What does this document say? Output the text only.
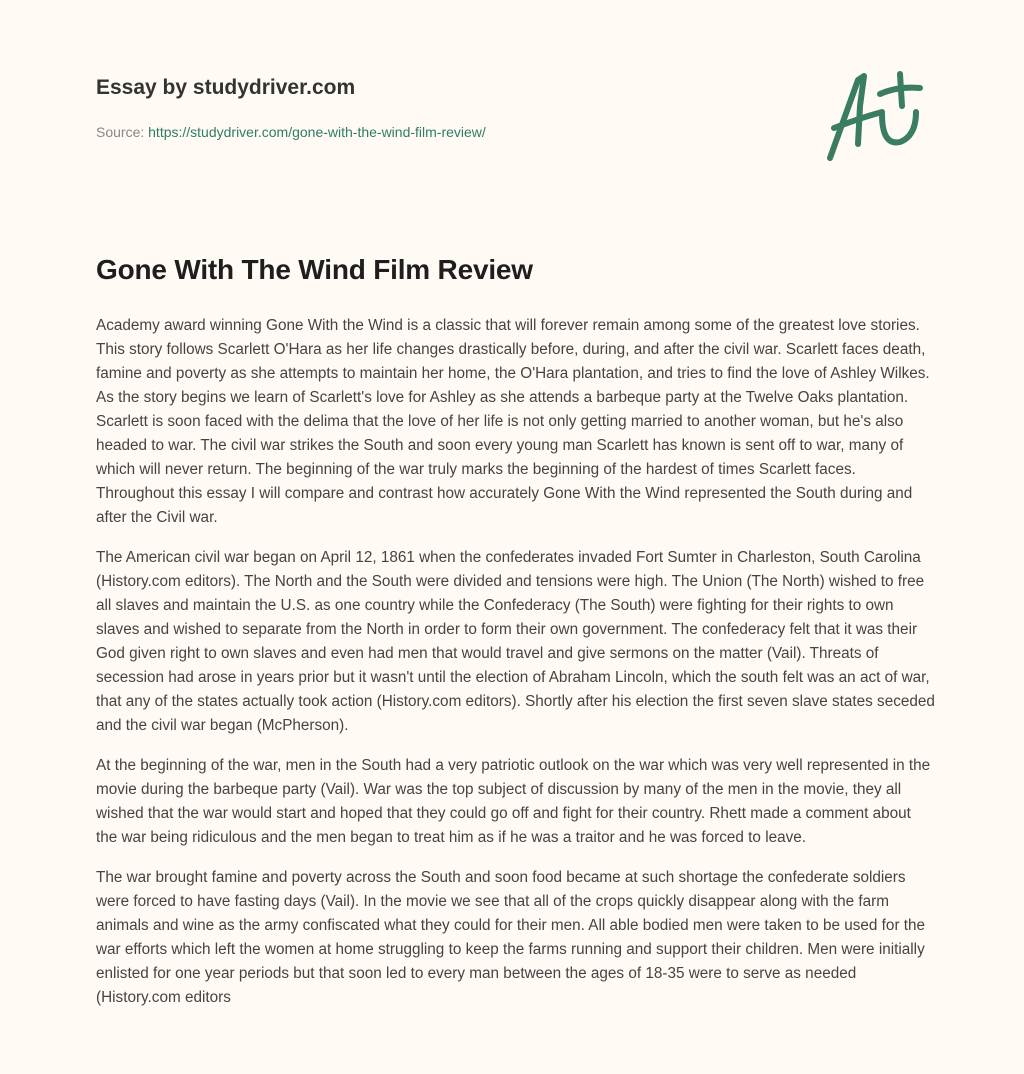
Essay by studydriver.com
Source: https://studydriver.com/gone-with-the-wind-film-review/
Gone With The Wind Film Review

Academy award winning Gone With the Wind is a classic that will forever remain among some of the greatest love stories. This story follows Scarlett O'Hara as her life changes drastically before, during, and after the civil war. Scarlett faces death, famine and poverty as she attempts to maintain her home, the O'Hara plantation, and tries to find the love of Ashley Wilkes. As the story begins we learn of Scarlett's love for Ashley as she attends a barbeque party at the Twelve Oaks plantation. Scarlett is soon faced with the delima that the love of her life is not only getting married to another woman, but he's also headed to war. The civil war strikes the South and soon every young man Scarlett has known is sent off to war, many of which will never return. The beginning of the war truly marks the beginning of the hardest of times Scarlett faces. Throughout this essay I will compare and contrast how accurately Gone With the Wind represented the South during and after the Civil war.

The American civil war began on April 12, 1861 when the confederates invaded Fort Sumter in Charleston, South Carolina (History.com editors). The North and the South were divided and tensions were high. The Union (The North) wished to free all slaves and maintain the U.S. as one country while the Confederacy (The South) were fighting for their rights to own slaves and wished to separate from the North in order to form their own government. The confederacy felt that it was their God given right to own slaves and even had men that would travel and give sermons on the matter (Vail). Threats of secession had arose in years prior but it wasn't until the election of Abraham Lincoln, which the south felt was an act of war, that any of the states actually took action (History.com editors). Shortly after his election the first seven slave states seceded and the civil war began (McPherson).

At the beginning of the war, men in the South had a very patriotic outlook on the war which was very well represented in the movie during the barbeque party (Vail). War was the top subject of discussion by many of the men in the movie, they all wished that the war would start and hoped that they could go off and fight for their country. Rhett made a comment about the war being ridiculous and the men began to treat him as if he was a traitor and he was forced to leave.

The war brought famine and poverty across the South and soon food became at such shortage the confederate soldiers were forced to have fasting days (Vail). In the movie we see that all of the crops quickly disappear along with the farm animals and wine as the army confiscated what they could for their men. All able bodied men were taken to be used for the war efforts which left the women at home struggling to keep the farms running and support their children. Men were initially enlisted for one year periods but that soon led to every man between the ages of 18-35 were to serve as needed (History.com editors
